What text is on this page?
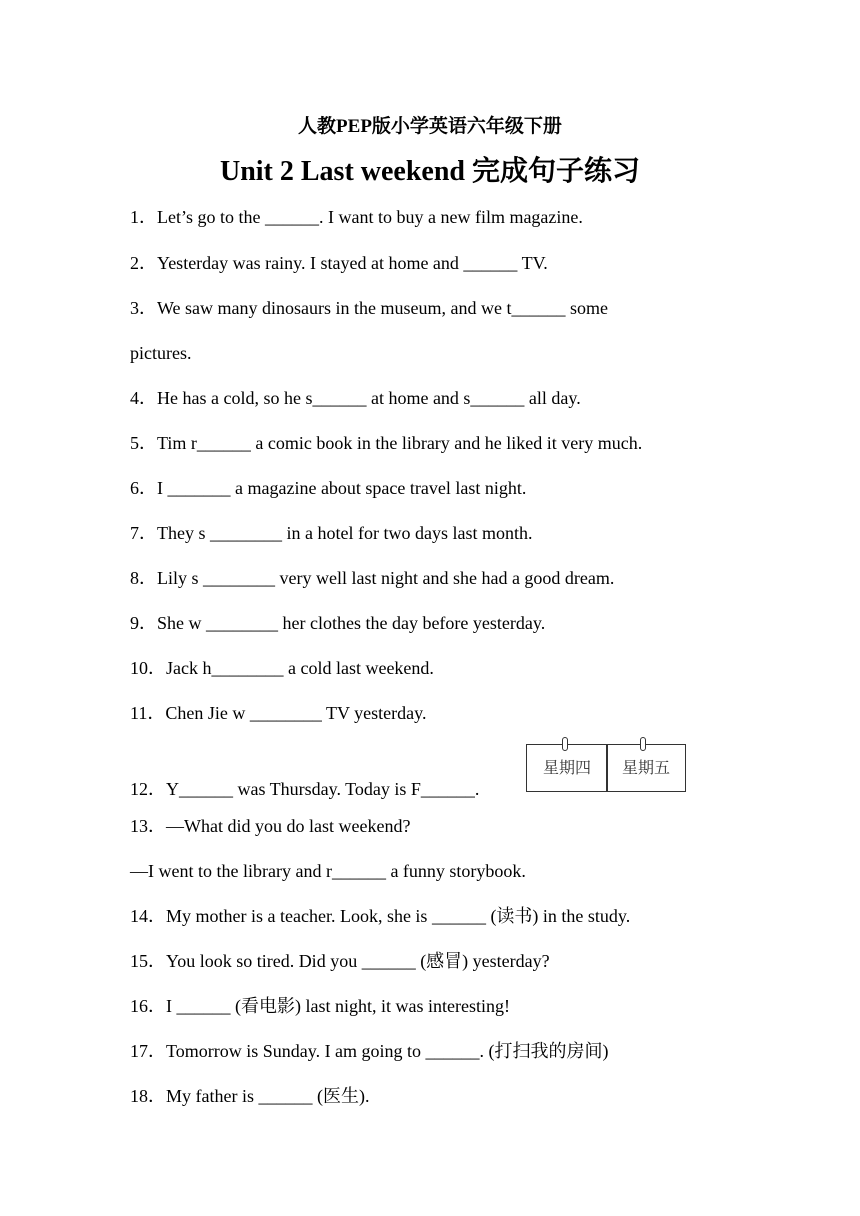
人教PEP版小学英语六年级下册
Unit 2 Last weekend 完成句子练习
1．Let’s go to the ______. I want to buy a new film magazine.
2．Yesterday was rainy. I stayed at home and ______ TV.
3．We saw many dinosaurs in the museum, and we t______ some
pictures.
4．He has a cold, so he s______ at home and s______ all day.
5．Tim r______ a comic book in the library and he liked it very much.
6．I _______ a magazine about space travel last night.
7．They s ________ in a hotel for two days last month.
8．Lily s ________ very well last night and she had a good dream.
9．She w ________ her clothes the day before yesterday.
10．Jack h________ a cold last weekend.
11．Chen Jie w ________ TV yesterday.
12．Y______ was Thursday. Today is F______.
星期四	星期五
13．—What did you do last weekend?
—I went to the library and r______ a funny storybook.
14．My mother is a teacher. Look, she is ______ (读书) in the study.
15．You look so tired. Did you ______ (感冒) yesterday?
16．I ______ (看电影) last night, it was interesting!
17．Tomorrow is Sunday. I am going to ______. (打扫我的房间)
18．My father is ______ (医生).
